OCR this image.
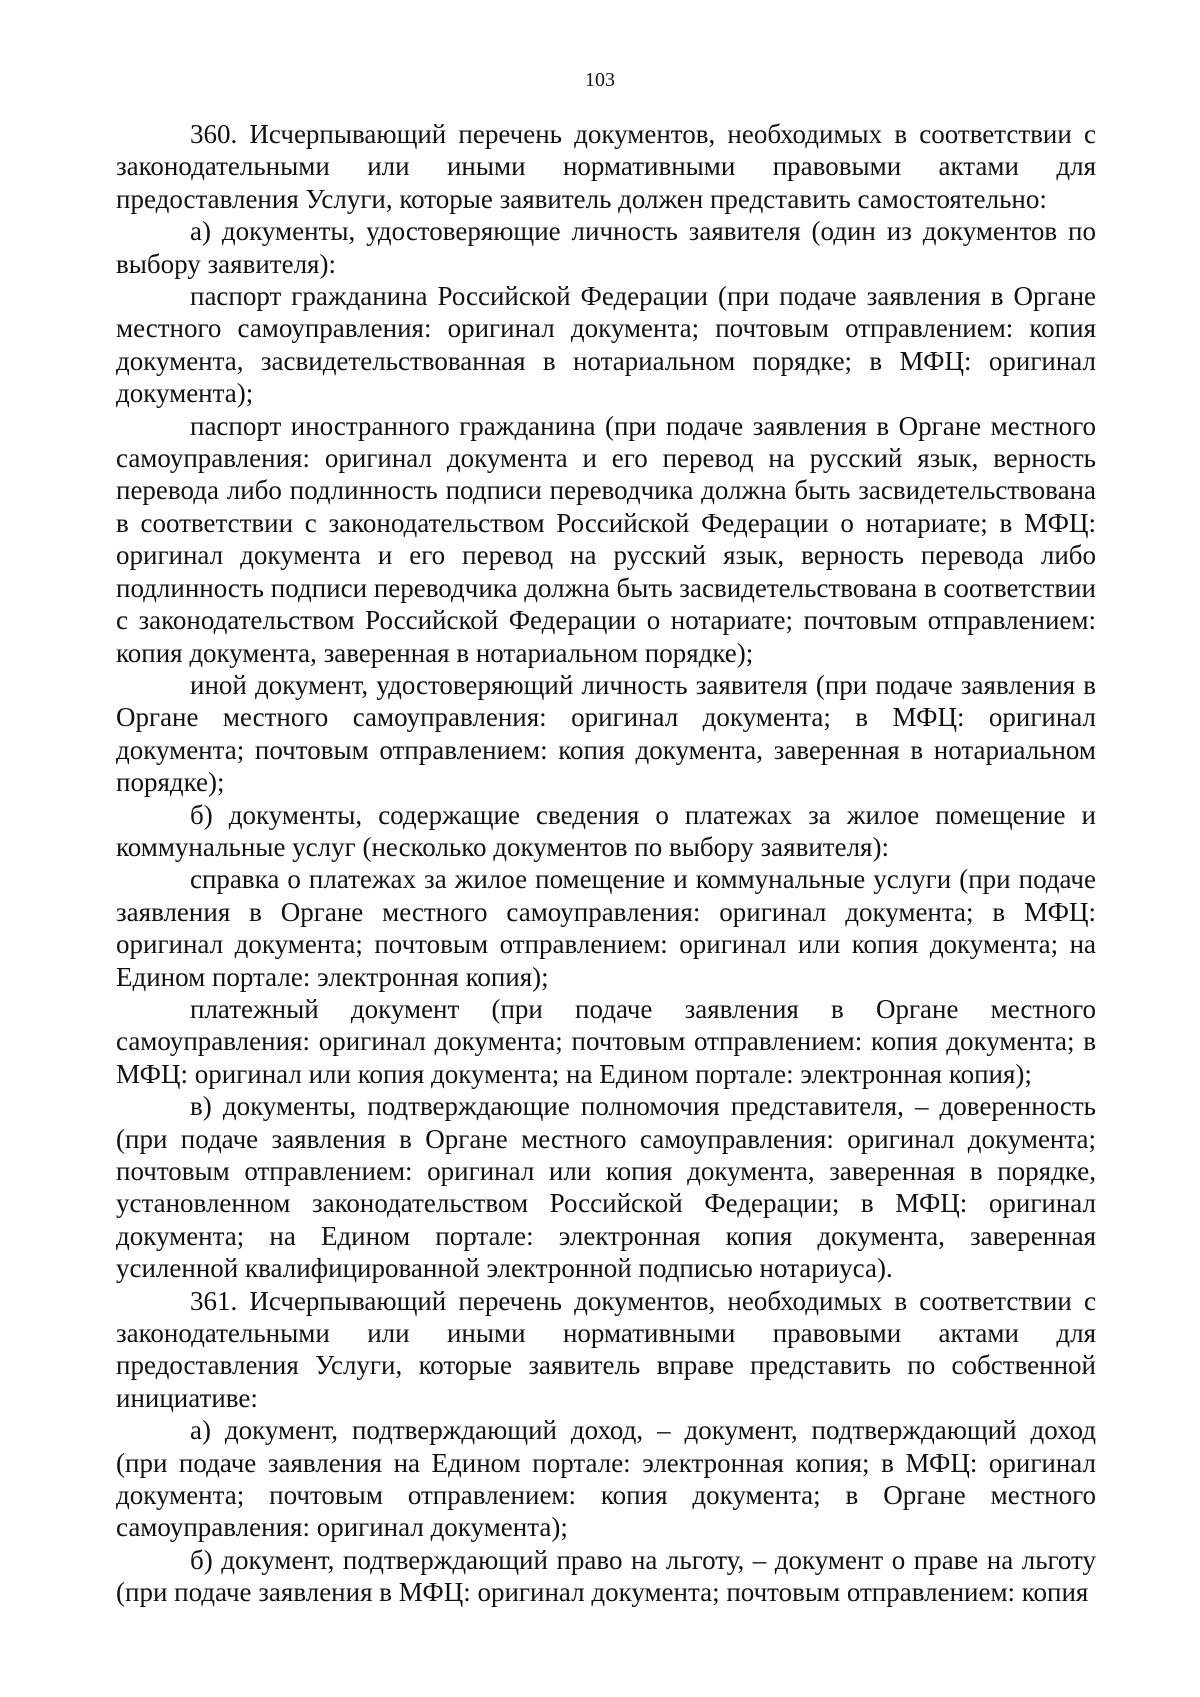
103

360. Исчерпывающий перечень документов, необходимых в соответствии с законодательными или иными нормативными правовыми актами для предоставления Услуги, которые заявитель должен представить самостоятельно:

а) документы, удостоверяющие личность заявителя (один из документов по выбору заявителя):

паспорт гражданина Российской Федерации (при подаче заявления в Органе местного самоуправления: оригинал документа; почтовым отправлением: копия документа, засвидетельствованная в нотариальном порядке; в МФЦ: оригинал документа);

паспорт иностранного гражданина (при подаче заявления в Органе местного самоуправления: оригинал документа и его перевод на русский язык, верность перевода либо подлинность подписи переводчика должна быть засвидетельствована в соответствии с законодательством Российской Федерации о нотариате; в МФЦ: оригинал документа и его перевод на русский язык, верность перевода либо подлинность подписи переводчика должна быть засвидетельствована в соответствии с законодательством Российской Федерации о нотариате; почтовым отправлением: копия документа, заверенная в нотариальном порядке);

иной документ, удостоверяющий личность заявителя (при подаче заявления в Органе местного самоуправления: оригинал документа; в МФЦ: оригинал документа; почтовым отправлением: копия документа, заверенная в нотариальном порядке);

б) документы, содержащие сведения о платежах за жилое помещение и коммунальные услуг (несколько документов по выбору заявителя):

справка о платежах за жилое помещение и коммунальные услуги (при подаче заявления в Органе местного самоуправления: оригинал документа; в МФЦ: оригинал документа; почтовым отправлением: оригинал или копия документа; на Едином портале: электронная копия);

платежный документ (при подаче заявления в Органе местного самоуправления: оригинал документа; почтовым отправлением: копия документа; в МФЦ: оригинал или копия документа; на Едином портале: электронная копия);

в) документы, подтверждающие полномочия представителя, – доверенность (при подаче заявления в Органе местного самоуправления: оригинал документа; почтовым отправлением: оригинал или копия документа, заверенная в порядке, установленном законодательством Российской Федерации; в МФЦ: оригинал документа; на Едином портале: электронная копия документа, заверенная усиленной квалифицированной электронной подписью нотариуса).

361. Исчерпывающий перечень документов, необходимых в соответствии с законодательными или иными нормативными правовыми актами для предоставления Услуги, которые заявитель вправе представить по собственной инициативе:

а) документ, подтверждающий доход, – документ, подтверждающий доход (при подаче заявления на Едином портале: электронная копия; в МФЦ: оригинал документа; почтовым отправлением: копия документа; в Органе местного самоуправления: оригинал документа);

б) документ, подтверждающий право на льготу, – документ о праве на льготу (при подаче заявления в МФЦ: оригинал документа; почтовым отправлением: копия
